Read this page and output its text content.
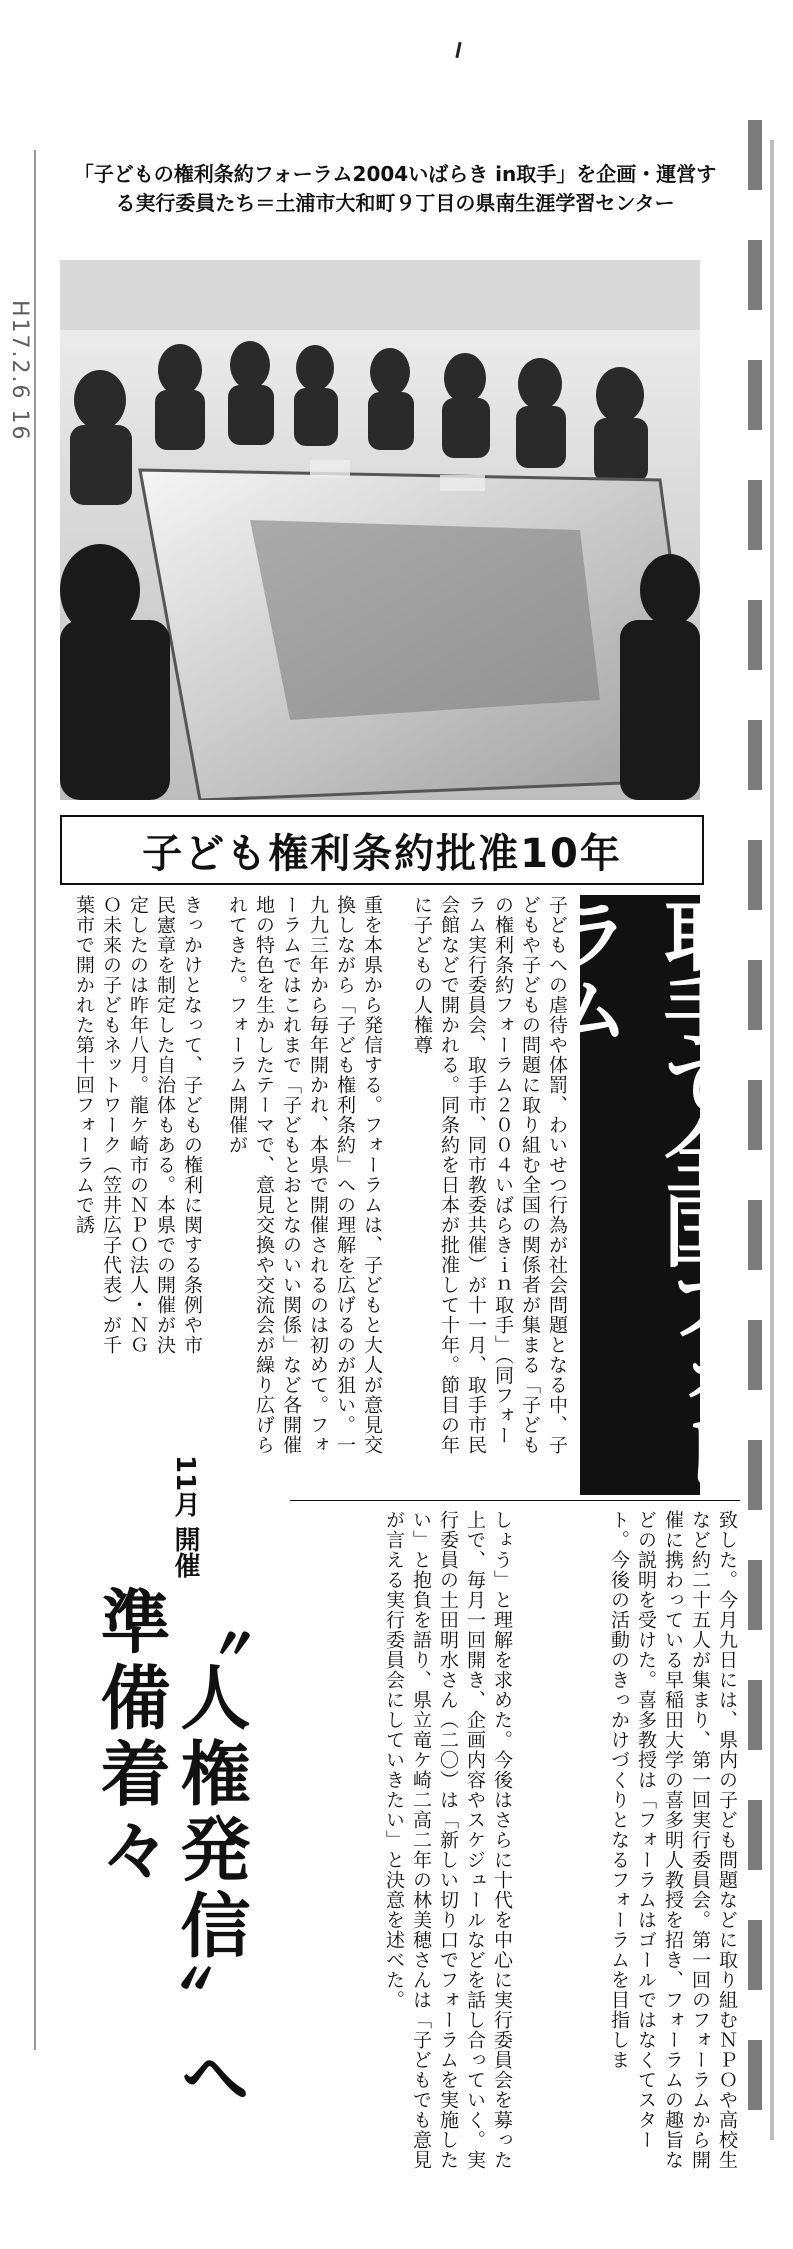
H17.2.6 16
「子どもの権利条約フォーラム2004いばらき in取手」を企画・運営する実行委員たち＝土浦市大和町９丁目の県南生涯学習センター
子ども権利条約批准10年
取手で全国フォーラム
子どもへの虐待や体罰、わいせつ行為が社会問題となる中、子どもや子どもの問題に取り組む全国の関係者が集まる「子どもの権利条約フォーラム２００４いばらきｉｎ取手」（同フォーラム実行委員会、取手市、同市教委共催）が十一月、取手市民会館などで開かれる。同条約を日本が批准して十年。節目の年に子どもの人権尊
重を本県から発信する。フォーラムは、子どもと大人が意見交換しながら「子ども権利条約」への理解を広げるのが狙い。一九九三年から毎年開かれ、本県で開催されるのは初めて。フォーラムではこれまで「子どもとおとなのいい関係」など各開催地の特色を生かしたテーマで、意見交換や交流会が繰り広げられてきた。フォーラム開催が
きっかけとなって、子どもの権利に関する条例や市民憲章を制定した自治体もある。本県での開催が決定したのは昨年八月。龍ケ崎市のＮＰＯ法人・ＮＧＯ未来の子どもネットワーク（笠井広子代表）が千葉市で開かれた第十回フォーラムで誘
致した。今月九日には、県内の子ども問題などに取り組むＮＰＯや高校生など約二十五人が集まり、第一回実行委員会。第一回のフォーラムから開催に携わっている早稲田大学の喜多明人教授を招き、フォーラムの趣旨などの説明を受けた。喜多教授は「フォーラムはゴールではなくてスタート。今後の活動のきっかけづくりとなるフォーラムを目指しま
しょう」と理解を求めた。今後はさらに十代を中心に実行委員会を募った上で、毎月一回開き、企画内容やスケジュールなどを話し合っていく。実行委員の土田明水さん（二〇）は「新しい切り口でフォーラムを実施したい」と抱負を語り、県立竜ケ崎二高二年の林美穂さんは「子どもでも意見が言える実行委員会にしていきたい」と決意を述べた。
11月 開催
〝人権発信〟へ準備着々
